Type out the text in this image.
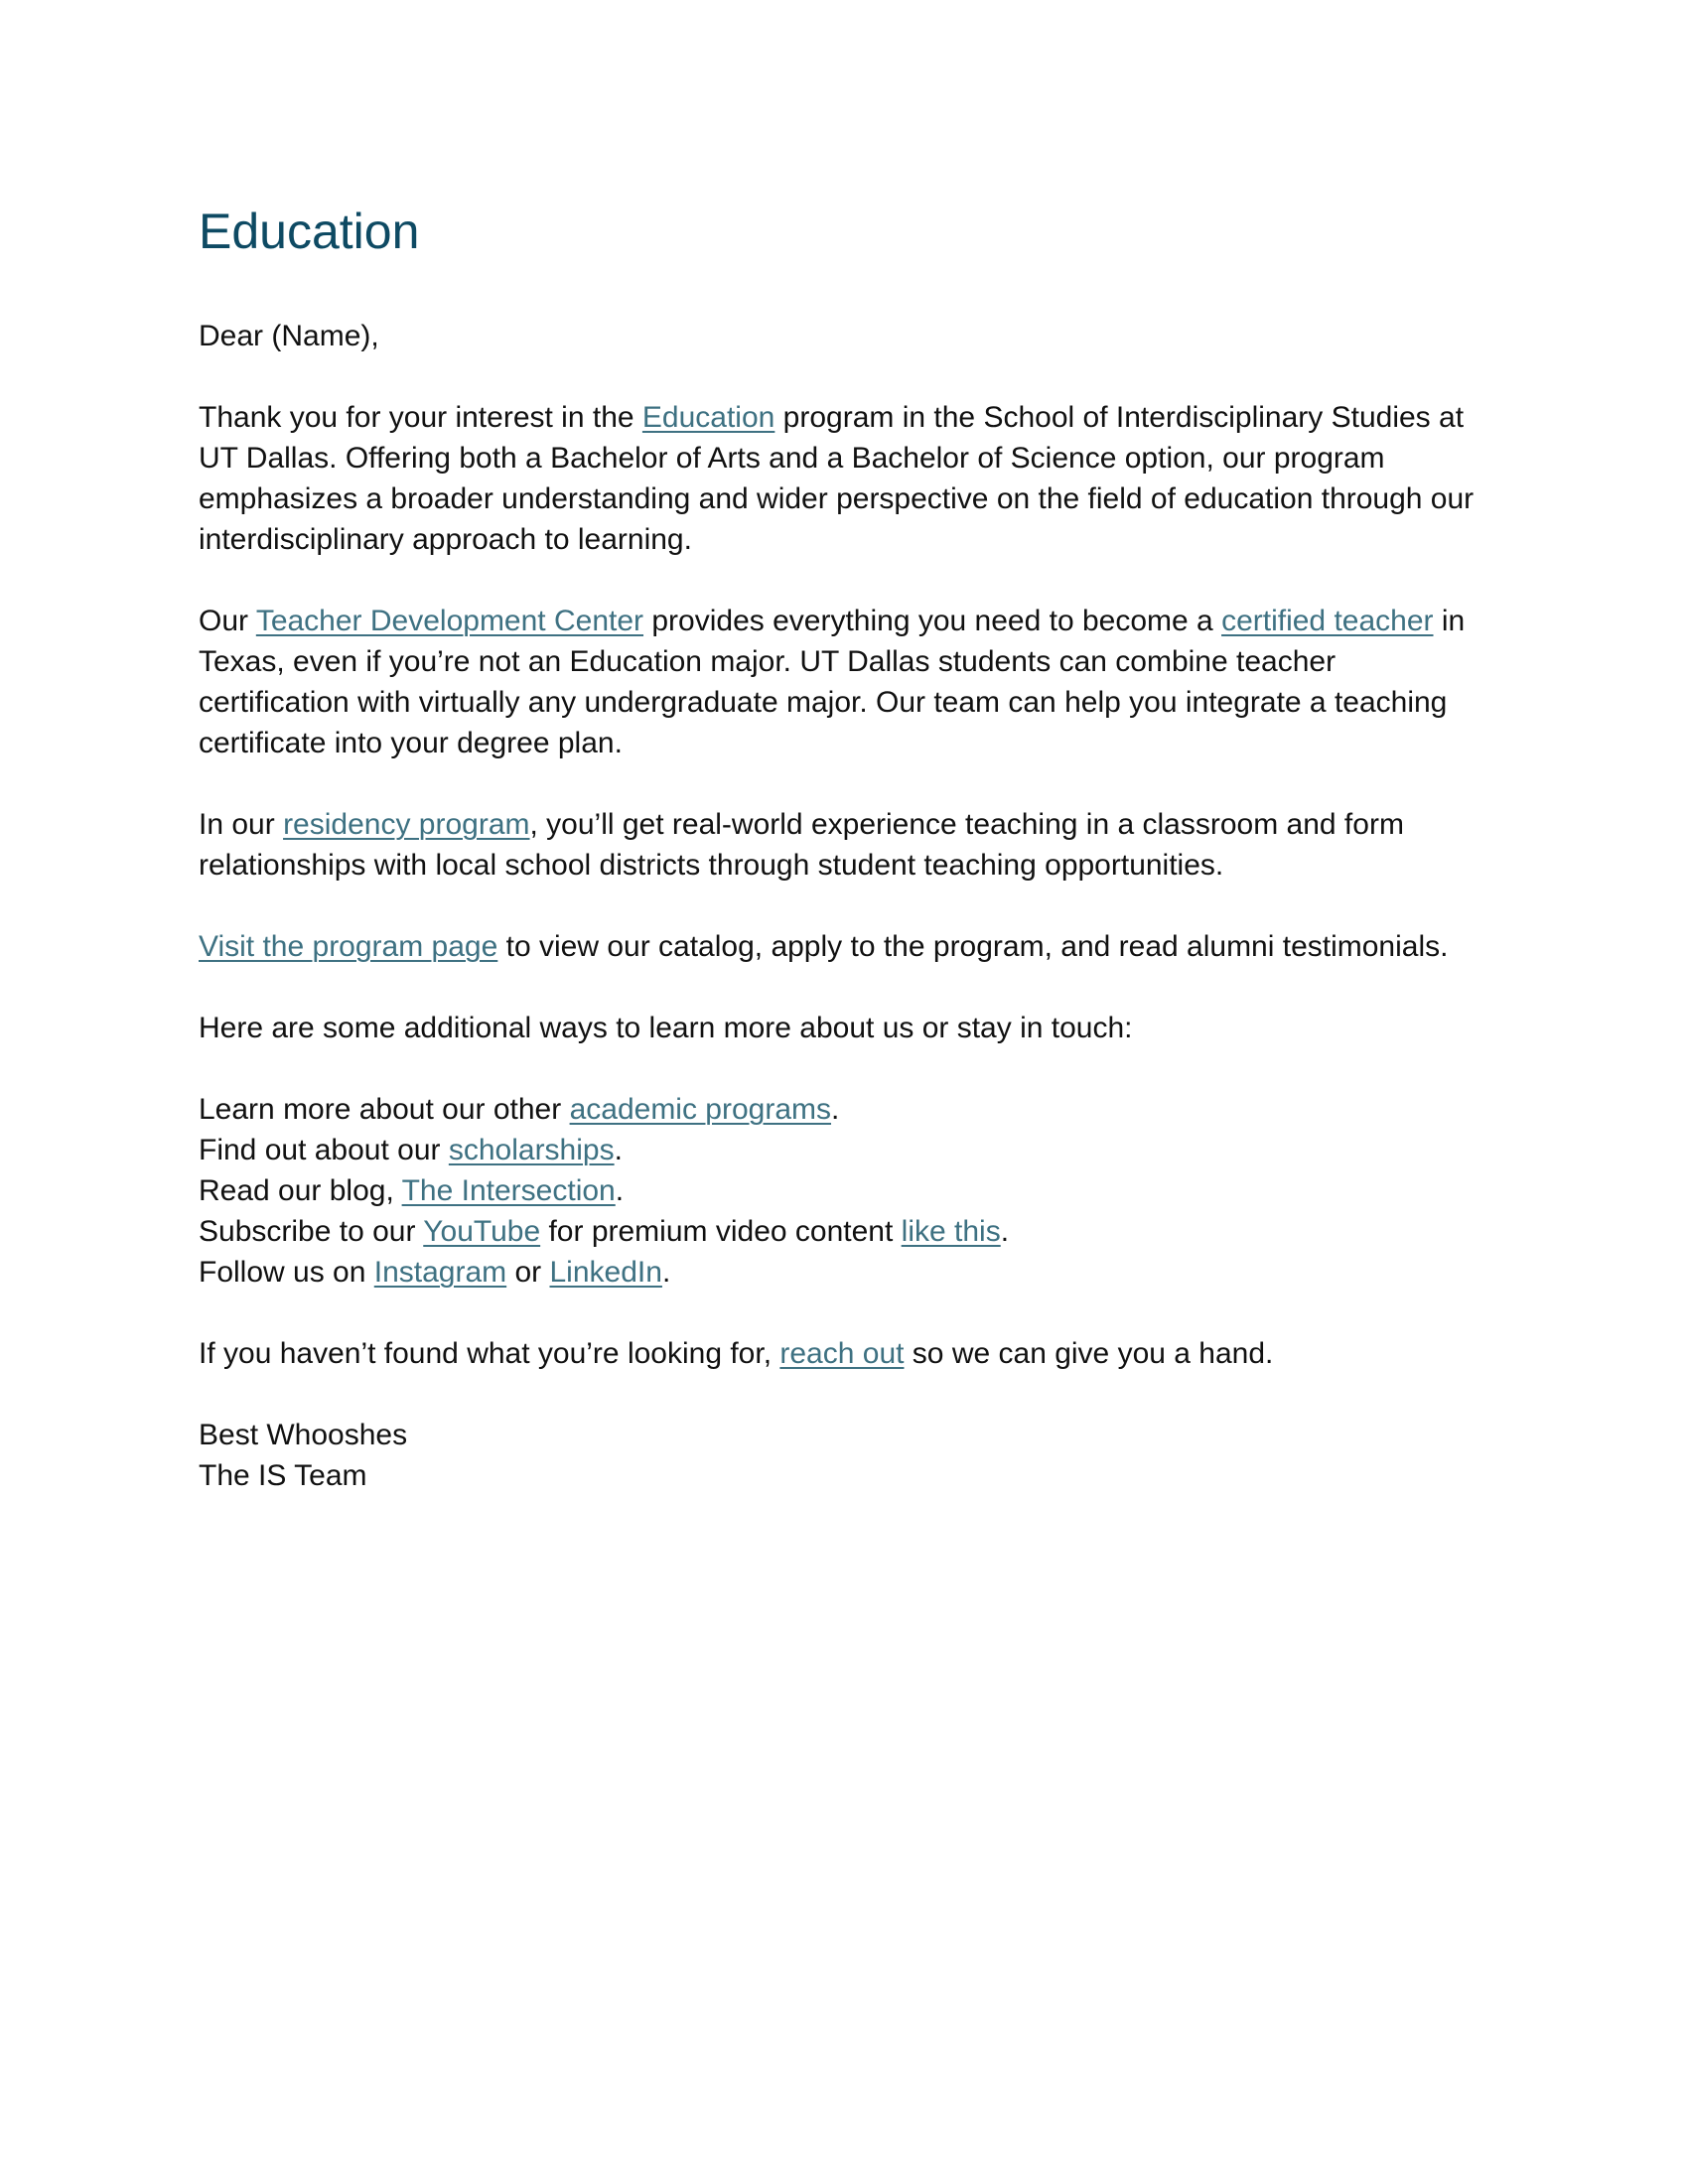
Education

Dear (Name),

Thank you for your interest in the Education program in the School of Interdisciplinary Studies at UT Dallas. Offering both a Bachelor of Arts and a Bachelor of Science option, our program emphasizes a broader understanding and wider perspective on the field of education through our interdisciplinary approach to learning.

Our Teacher Development Center provides everything you need to become a certified teacher in Texas, even if you’re not an Education major. UT Dallas students can combine teacher certification with virtually any undergraduate major. Our team can help you integrate a teaching certificate into your degree plan.

In our residency program, you’ll get real-world experience teaching in a classroom and form relationships with local school districts through student teaching opportunities.

Visit the program page to view our catalog, apply to the program, and read alumni testimonials.

Here are some additional ways to learn more about us or stay in touch:

Learn more about our other academic programs.

Find out about our scholarships.

Read our blog, The Intersection.

Subscribe to our YouTube for premium video content like this.

Follow us on Instagram or LinkedIn.

If you haven’t found what you’re looking for, reach out so we can give you a hand.

Best Whooshes

The IS Team
